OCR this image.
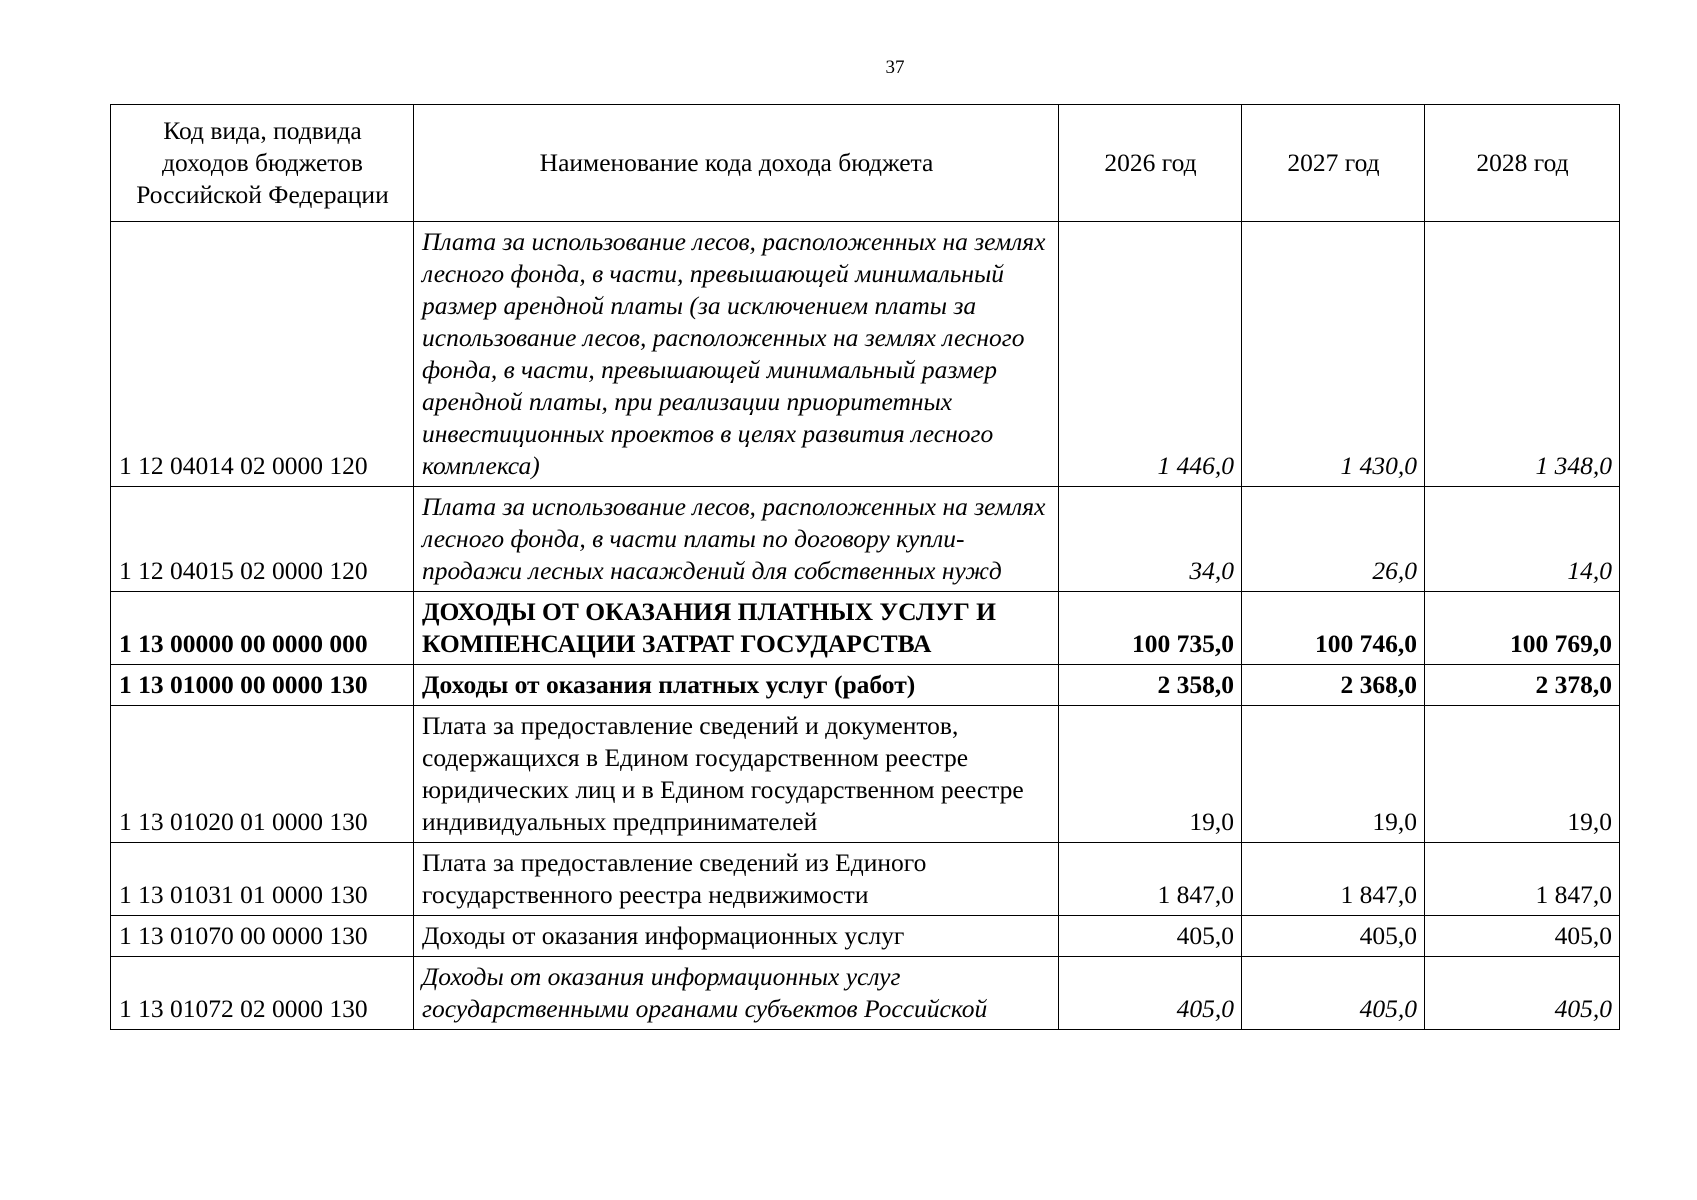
37
Код вида, подвида доходов бюджетов Российской Федерации	Наименование кода дохода бюджета	2026 год	2027 год	2028 год
1 12 04014 02 0000 120	Плата за использование лесов, расположенных на землях лесного фонда, в части, превышающей минимальный размер арендной платы (за исключением платы за использование лесов, расположенных на землях лесного фонда, в части, превышающей минимальный размер арендной платы, при реализации приоритетных инвестиционных проектов в целях развития лесного комплекса)	1 446,0	1 430,0	1 348,0
1 12 04015 02 0000 120	Плата за использование лесов, расположенных на землях лесного фонда, в части платы по договору купли-продажи лесных насаждений для собственных нужд	34,0	26,0	14,0
1 13 00000 00 0000 000	ДОХОДЫ ОТ ОКАЗАНИЯ ПЛАТНЫХ УСЛУГ И КОМПЕНСАЦИИ ЗАТРАТ ГОСУДАРСТВА	100 735,0	100 746,0	100 769,0
1 13 01000 00 0000 130	Доходы от оказания платных услуг (работ)	2 358,0	2 368,0	2 378,0
1 13 01020 01 0000 130	Плата за предоставление сведений и документов, содержащихся в Едином государственном реестре юридических лиц и в Едином государственном реестре индивидуальных предпринимателей	19,0	19,0	19,0
1 13 01031 01 0000 130	Плата за предоставление сведений из Единого государственного реестра недвижимости	1 847,0	1 847,0	1 847,0
1 13 01070 00 0000 130	Доходы от оказания информационных услуг	405,0	405,0	405,0
1 13 01072 02 0000 130	Доходы от оказания информационных услуг государственными органами субъектов Российской	405,0	405,0	405,0
